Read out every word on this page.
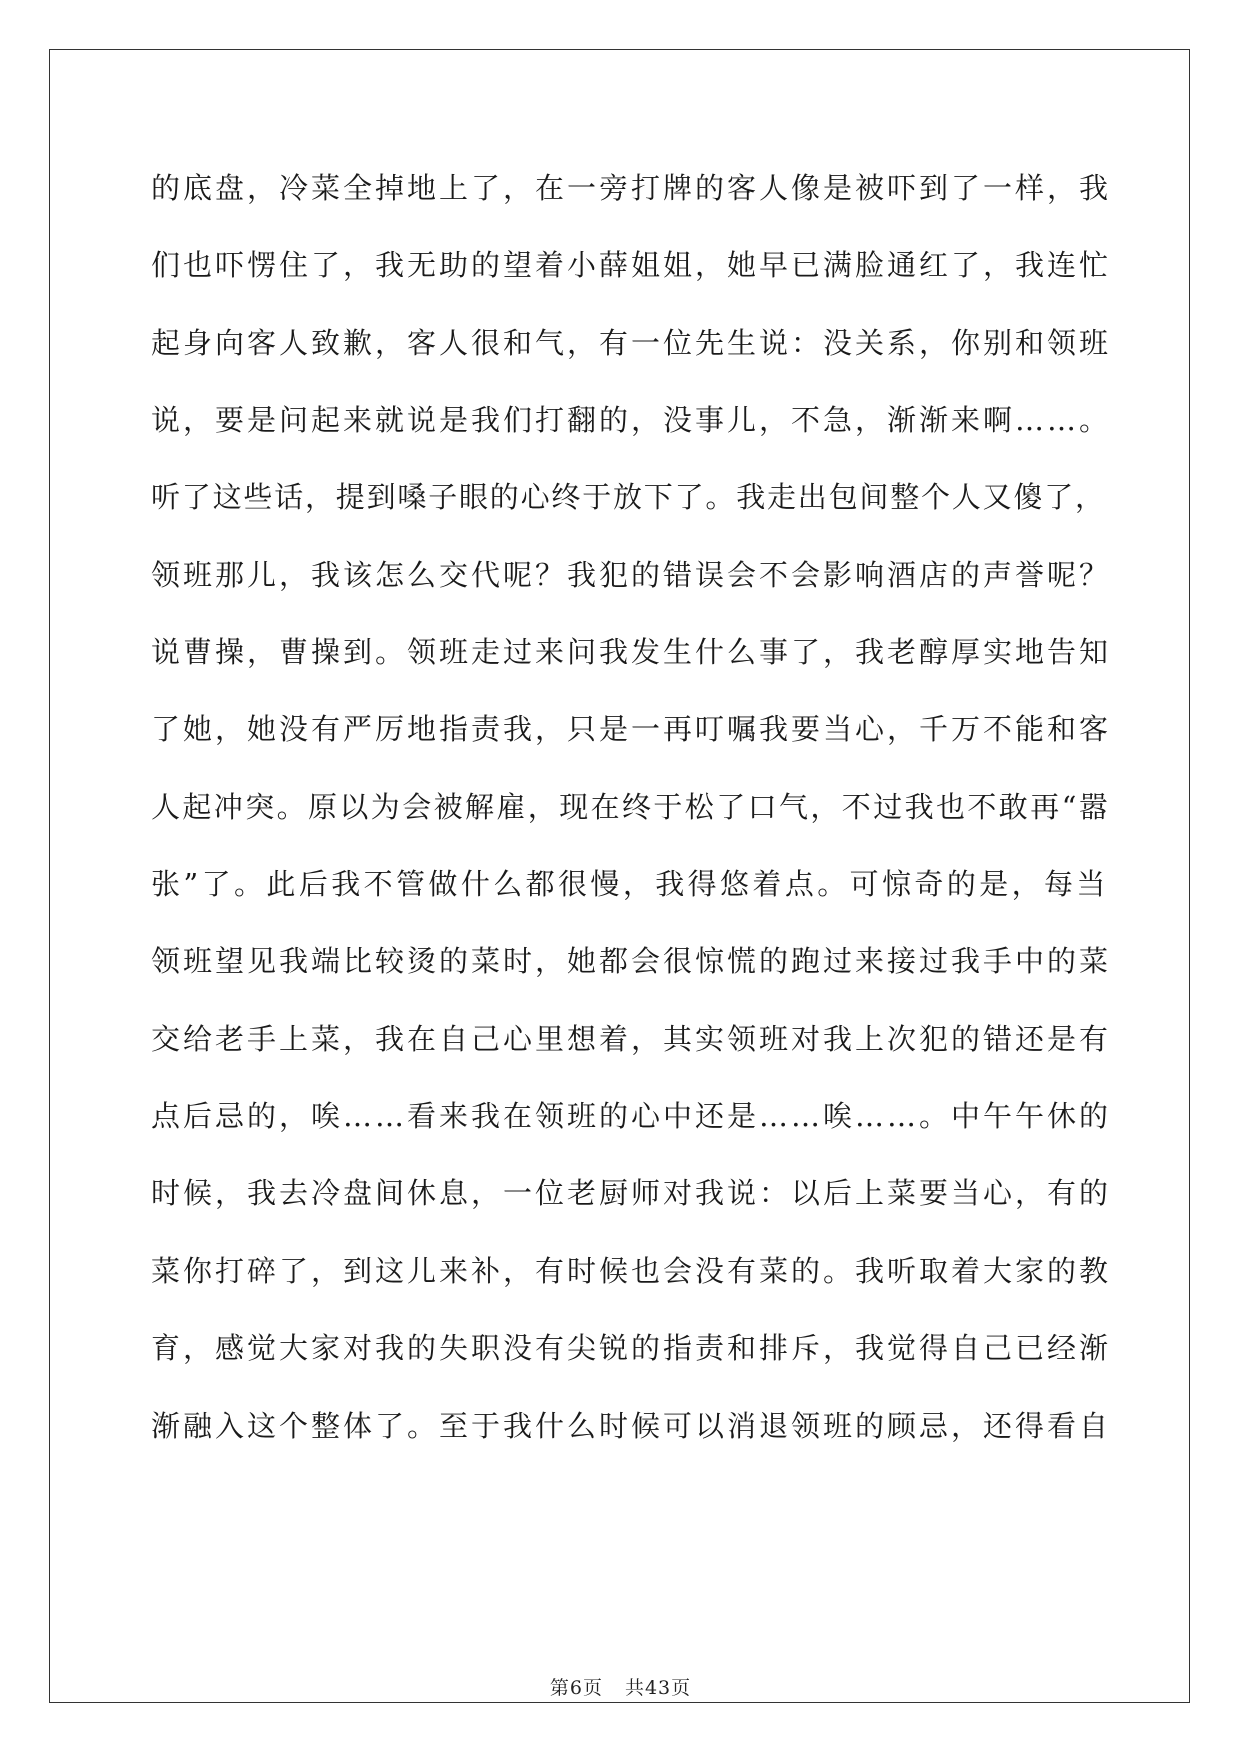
的底盘，冷菜全掉地上了，在一旁打牌的客人像是被吓到了一样，我
们也吓愣住了，我无助的望着小薛姐姐，她早已满脸通红了，我连忙
起身向客人致歉，客人很和气，有一位先生说：没关系，你别和领班
说，要是问起来就说是我们打翻的，没事儿，不急，渐渐来啊……。
听了这些话，提到嗓子眼的心终于放下了。我走出包间整个人又傻了，
领班那儿，我该怎么交代呢？我犯的错误会不会影响酒店的声誉呢？
说曹操，曹操到。领班走过来问我发生什么事了，我老醇厚实地告知
了她，她没有严厉地指责我，只是一再叮嘱我要当心，千万不能和客
人起冲突。原以为会被解雇，现在终于松了口气，不过我也不敢再“嚣
张”了。此后我不管做什么都很慢，我得悠着点。可惊奇的是，每当
领班望见我端比较烫的菜时，她都会很惊慌的跑过来接过我手中的菜
交给老手上菜，我在自己心里想着，其实领班对我上次犯的错还是有
点后忌的，唉……看来我在领班的心中还是……唉……。中午午休的
时候，我去冷盘间休息，一位老厨师对我说：以后上菜要当心，有的
菜你打碎了，到这儿来补，有时候也会没有菜的。我听取着大家的教
育，感觉大家对我的失职没有尖锐的指责和排斥，我觉得自己已经渐
渐融入这个整体了。至于我什么时候可以消退领班的顾忌，还得看自
第6页 共43页
